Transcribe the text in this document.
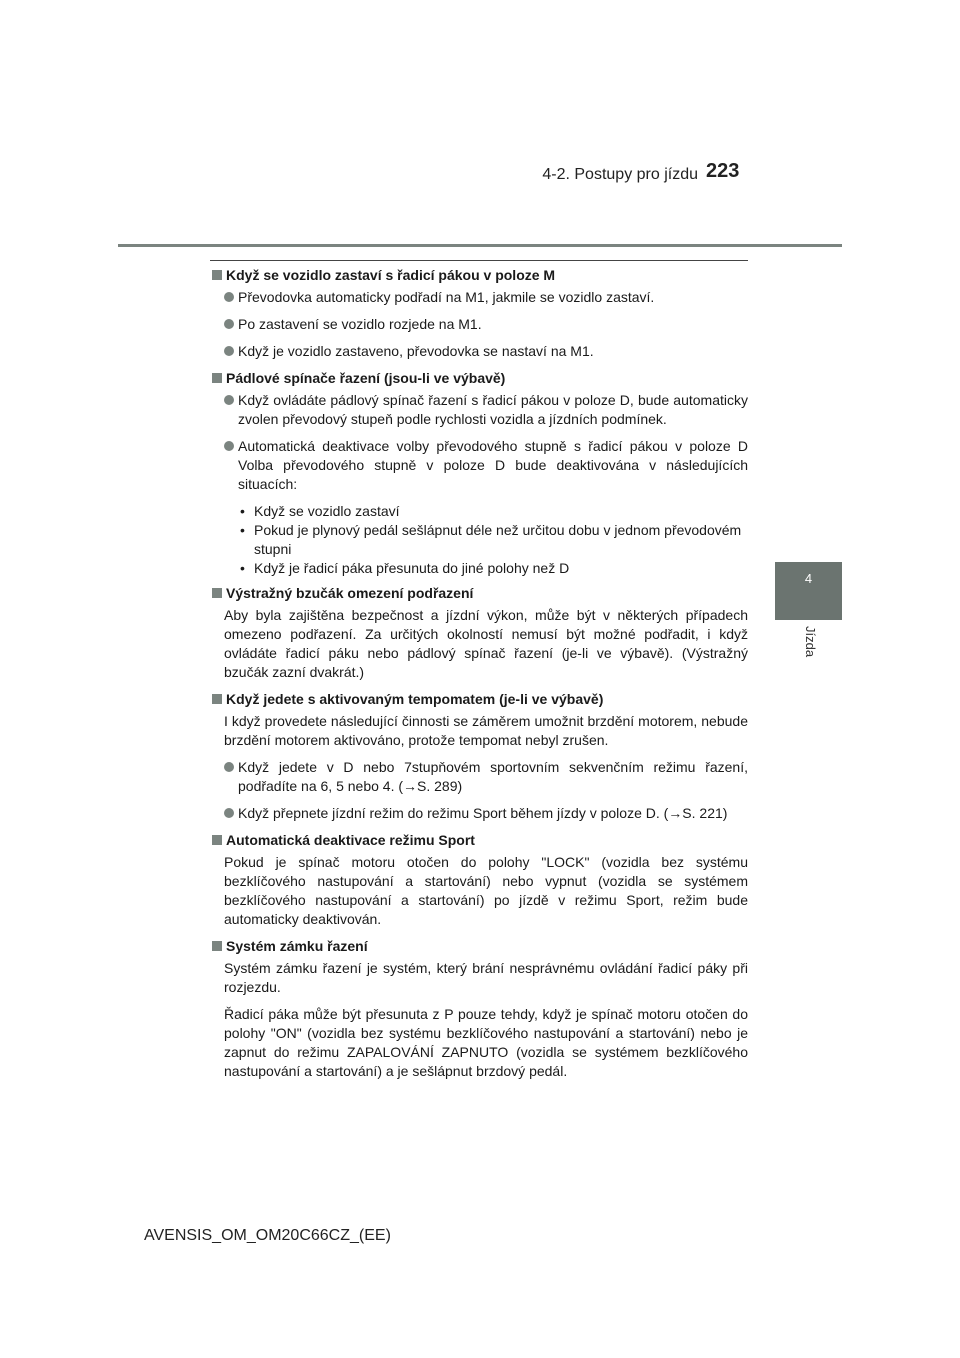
4-2. Postupy pro jízdu 223
4
Jízda
Když se vozidlo zastaví s řadicí pákou v poloze M
Převodovka automaticky podřadí na M1, jakmile se vozidlo zastaví.
Po zastavení se vozidlo rozjede na M1.
Když je vozidlo zastaveno, převodovka se nastaví na M1.
Pádlové spínače řazení (jsou-li ve výbavě)
Když ovládáte pádlový spínač řazení s řadicí pákou v poloze D, bude automaticky zvolen převodový stupeň podle rychlosti vozidla a jízdních podmínek.
Automatická deaktivace volby převodového stupně s řadicí pákou v poloze D Volba převodového stupně v poloze D bude deaktivována v následujících situacích:
• Když se vozidlo zastaví
• Pokud je plynový pedál sešlápnut déle než určitou dobu v jednom převodovém stupni
• Když je řadicí páka přesunuta do jiné polohy než D
Výstražný bzučák omezení podřazení
Aby byla zajištěna bezpečnost a jízdní výkon, může být v některých případech omezeno podřazení. Za určitých okolností nemusí být možné podřadit, i když ovládáte řadicí páku nebo pádlový spínač řazení (je-li ve výbavě). (Výstražný bzučák zazní dvakrát.)
Když jedete s aktivovaným tempomatem (je-li ve výbavě)
I když provedete následující činnosti se záměrem umožnit brzdění motorem, nebude brzdění motorem aktivováno, protože tempomat nebyl zrušen.
Když jedete v D nebo 7stupňovém sportovním sekvenčním režimu řazení, podřadíte na 6, 5 nebo 4. (→S. 289)
Když přepnete jízdní režim do režimu Sport během jízdy v poloze D. (→S. 221)
Automatická deaktivace režimu Sport
Pokud je spínač motoru otočen do polohy "LOCK" (vozidla bez systému bezklíčového nastupování a startování) nebo vypnut (vozidla se systémem bezklíčového nastupování a startování) po jízdě v režimu Sport, režim bude automaticky deaktivován.
Systém zámku řazení
Systém zámku řazení je systém, který brání nesprávnému ovládání řadicí páky při rozjezdu.
Řadicí páka může být přesunuta z P pouze tehdy, když je spínač motoru otočen do polohy "ON" (vozidla bez systému bezklíčového nastupování a startování) nebo je zapnut do režimu ZAPALOVÁNÍ ZAPNUTO (vozidla se systémem bezklíčového nastupování a startování) a je sešlápnut brzdový pedál.
AVENSIS_OM_OM20C66CZ_(EE)
